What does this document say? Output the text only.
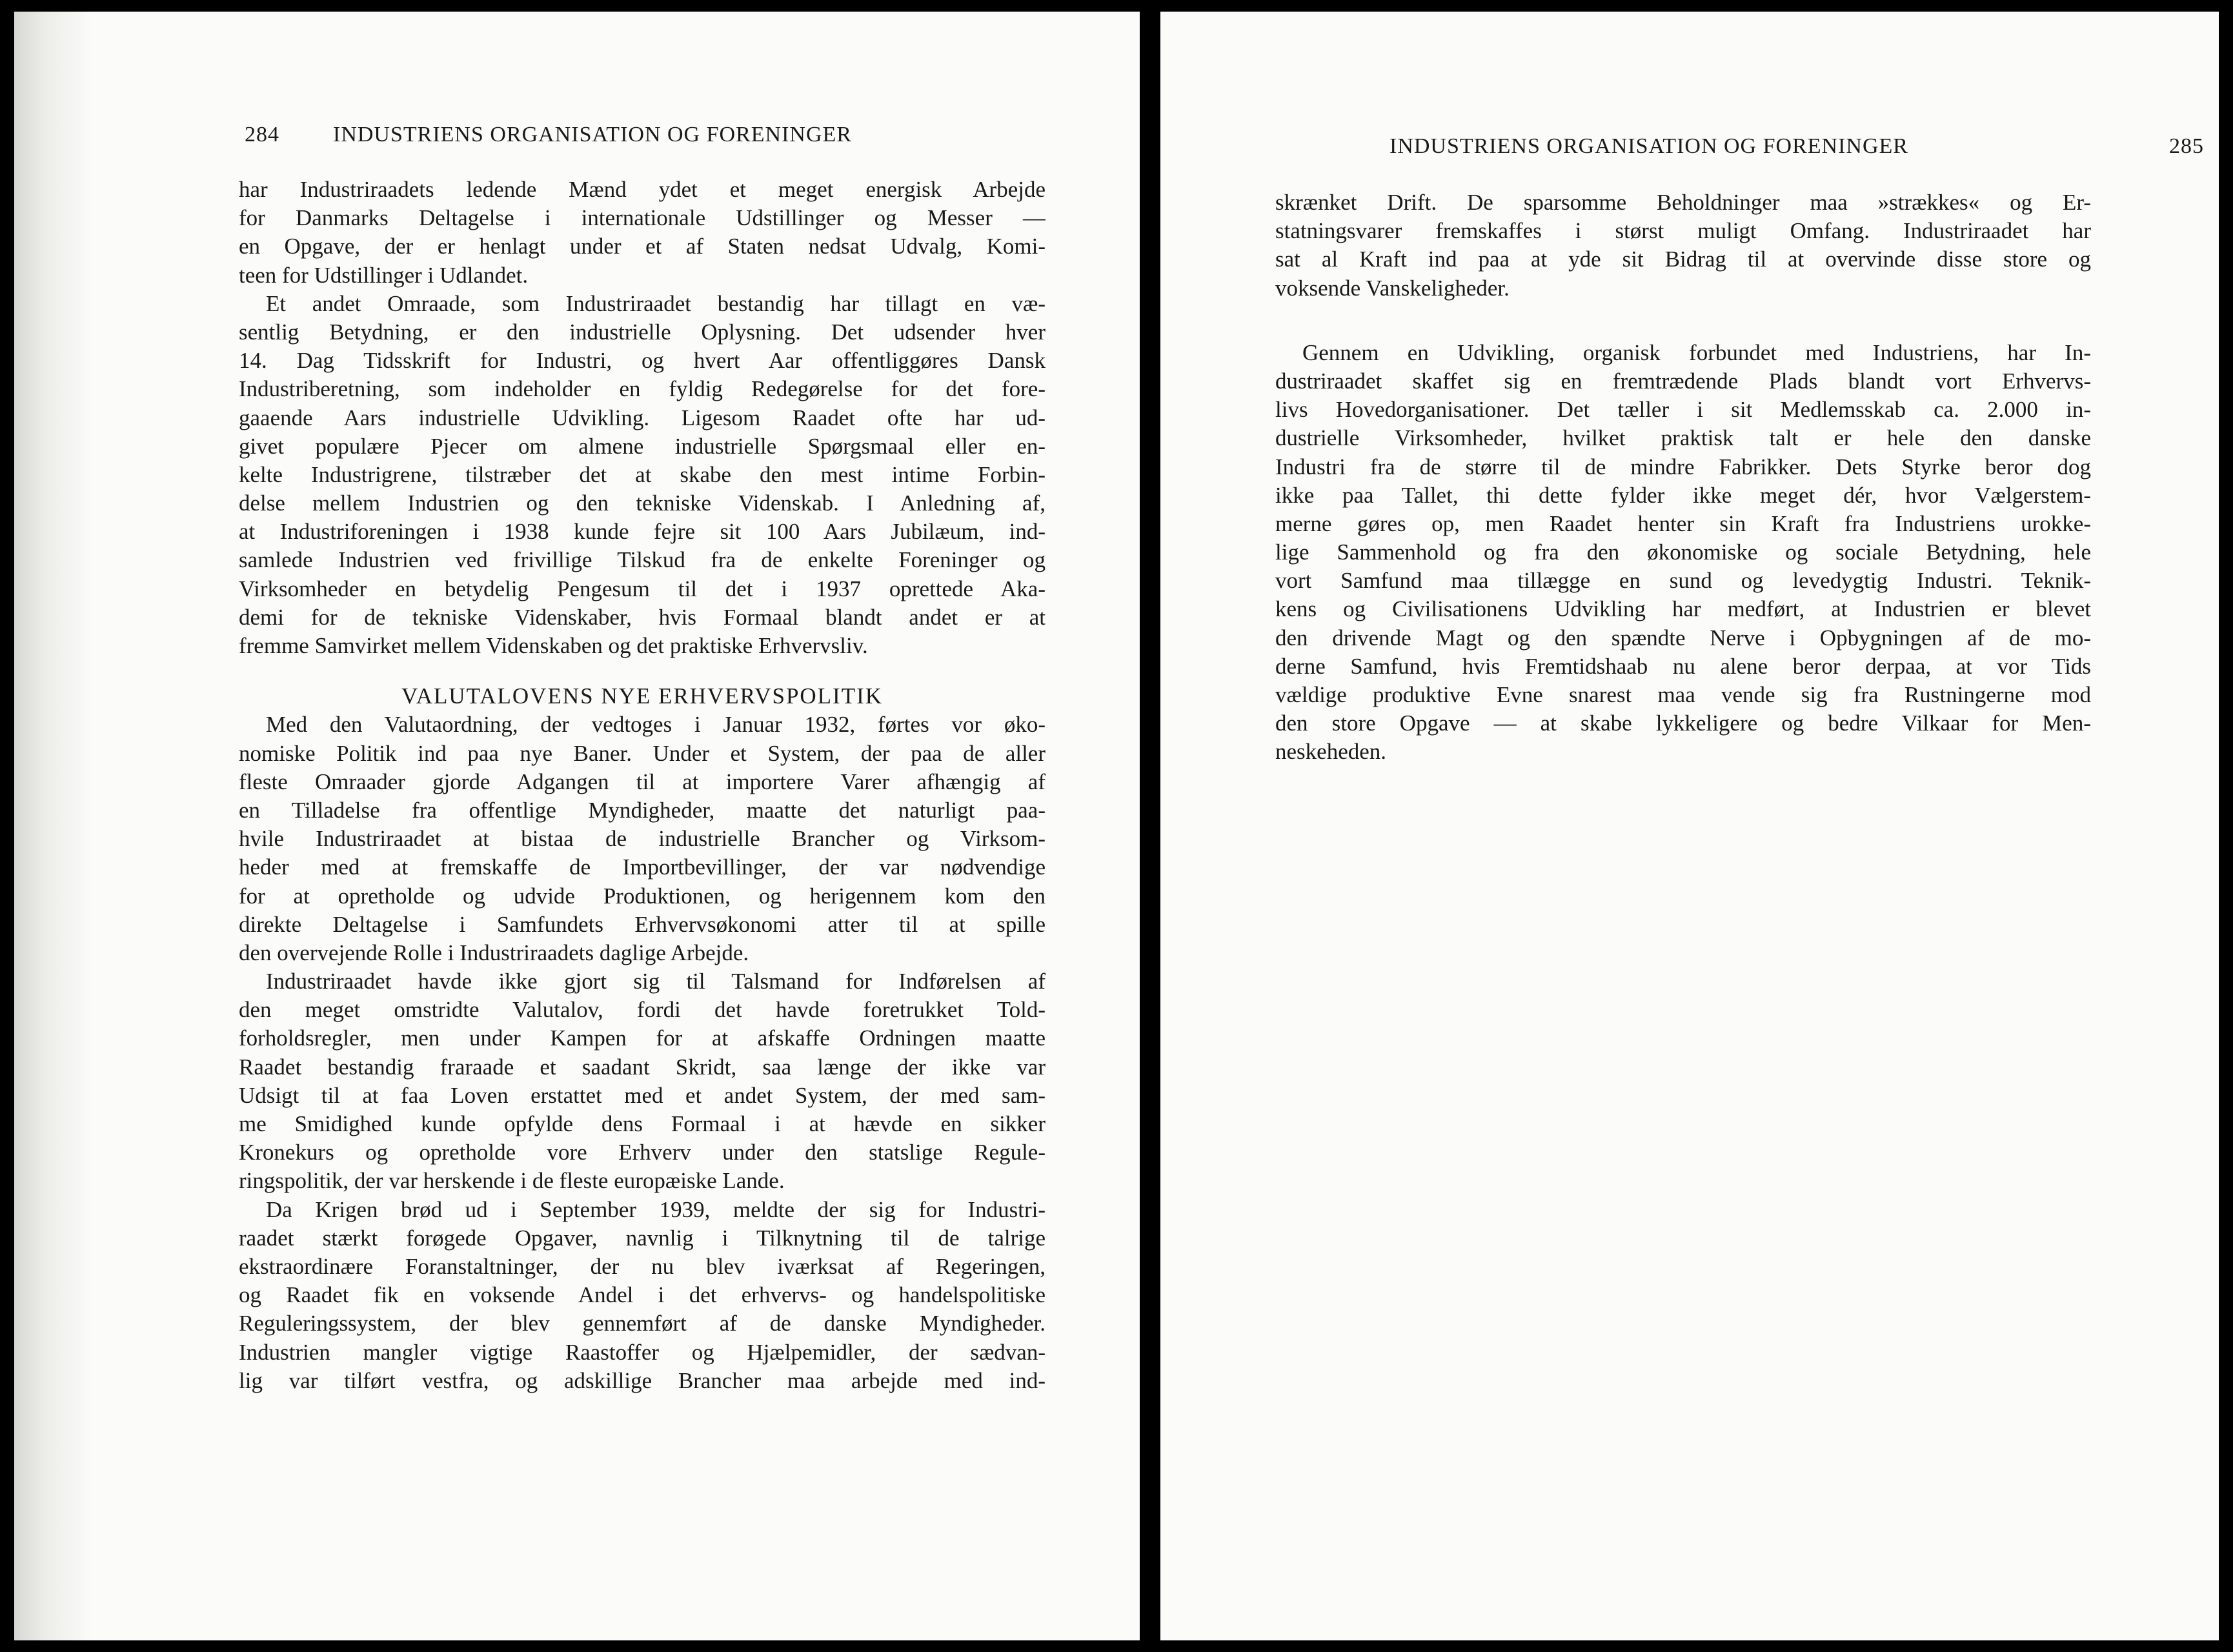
284 INDUSTRIENS ORGANISATION OG FORENINGER
har Industriraadets ledende Mænd ydet et meget energisk Arbejde
for Danmarks Deltagelse i internationale Udstillinger og Messer —
en Opgave, der er henlagt under et af Staten nedsat Udvalg, Komi-
teen for Udstillinger i Udlandet.
Et andet Omraade, som Industriraadet bestandig har tillagt en væ-
sentlig Betydning, er den industrielle Oplysning. Det udsender hver
14. Dag Tidsskrift for Industri, og hvert Aar offentliggøres Dansk
Industriberetning, som indeholder en fyldig Redegørelse for det fore-
gaaende Aars industrielle Udvikling. Ligesom Raadet ofte har ud-
givet populære Pjecer om almene industrielle Spørgsmaal eller en-
kelte Industrigrene, tilstræber det at skabe den mest intime Forbin-
delse mellem Industrien og den tekniske Videnskab. I Anledning af,
at Industriforeningen i 1938 kunde fejre sit 100 Aars Jubilæum, ind-
samlede Industrien ved frivillige Tilskud fra de enkelte Foreninger og
Virksomheder en betydelig Pengesum til det i 1937 oprettede Aka-
demi for de tekniske Videnskaber, hvis Formaal blandt andet er at
fremme Samvirket mellem Videnskaben og det praktiske Erhvervsliv.
VALUTALOVENS NYE ERHVERVSPOLITIK
Med den Valutaordning, der vedtoges i Januar 1932, førtes vor øko-
nomiske Politik ind paa nye Baner. Under et System, der paa de aller
fleste Omraader gjorde Adgangen til at importere Varer afhængig af
en Tilladelse fra offentlige Myndigheder, maatte det naturligt paa-
hvile Industriraadet at bistaa de industrielle Brancher og Virksom-
heder med at fremskaffe de Importbevillinger, der var nødvendige
for at opretholde og udvide Produktionen, og herigennem kom den
direkte Deltagelse i Samfundets Erhvervsøkonomi atter til at spille
den overvejende Rolle i Industriraadets daglige Arbejde.
Industriraadet havde ikke gjort sig til Talsmand for Indførelsen af
den meget omstridte Valutalov, fordi det havde foretrukket Told-
forholdsregler, men under Kampen for at afskaffe Ordningen maatte
Raadet bestandig fraraade et saadant Skridt, saa længe der ikke var
Udsigt til at faa Loven erstattet med et andet System, der med sam-
me Smidighed kunde opfylde dens Formaal i at hævde en sikker
Kronekurs og opretholde vore Erhverv under den statslige Regule-
ringspolitik, der var herskende i de fleste europæiske Lande.
Da Krigen brød ud i September 1939, meldte der sig for Industri-
raadet stærkt forøgede Opgaver, navnlig i Tilknytning til de talrige
ekstraordinære Foranstaltninger, der nu blev iværksat af Regeringen,
og Raadet fik en voksende Andel i det erhvervs- og handelspolitiske
Reguleringssystem, der blev gennemført af de danske Myndigheder.
Industrien mangler vigtige Raastoffer og Hjælpemidler, der sædvan-
lig var tilført vestfra, og adskillige Brancher maa arbejde med ind-
INDUSTRIENS ORGANISATION OG FORENINGER	285
skrænket Drift. De sparsomme Beholdninger maa »strækkes« og Er-
statningsvarer fremskaffes i størst muligt Omfang. Industriraadet har
sat al Kraft ind paa at yde sit Bidrag til at overvinde disse store og
voksende Vanskeligheder.
Gennem en Udvikling, organisk forbundet med Industriens, har In-
dustriraadet skaffet sig en fremtrædende Plads blandt vort Erhvervs-
livs Hovedorganisationer. Det tæller i sit Medlemsskab ca. 2.000 in-
dustrielle Virksomheder, hvilket praktisk talt er hele den danske
Industri fra de større til de mindre Fabrikker. Dets Styrke beror dog
ikke paa Tallet, thi dette fylder ikke meget dér, hvor Vælgerstem-
merne gøres op, men Raadet henter sin Kraft fra Industriens urokke-
lige Sammenhold og fra den økonomiske og sociale Betydning, hele
vort Samfund maa tillægge en sund og levedygtig Industri. Teknik-
kens og Civilisationens Udvikling har medført, at Industrien er blevet
den drivende Magt og den spændte Nerve i Opbygningen af de mo-
derne Samfund, hvis Fremtidshaab nu alene beror derpaa, at vor Tids
vældige produktive Evne snarest maa vende sig fra Rustningerne mod
den store Opgave — at skabe lykkeligere og bedre Vilkaar for Men-
neskeheden.
